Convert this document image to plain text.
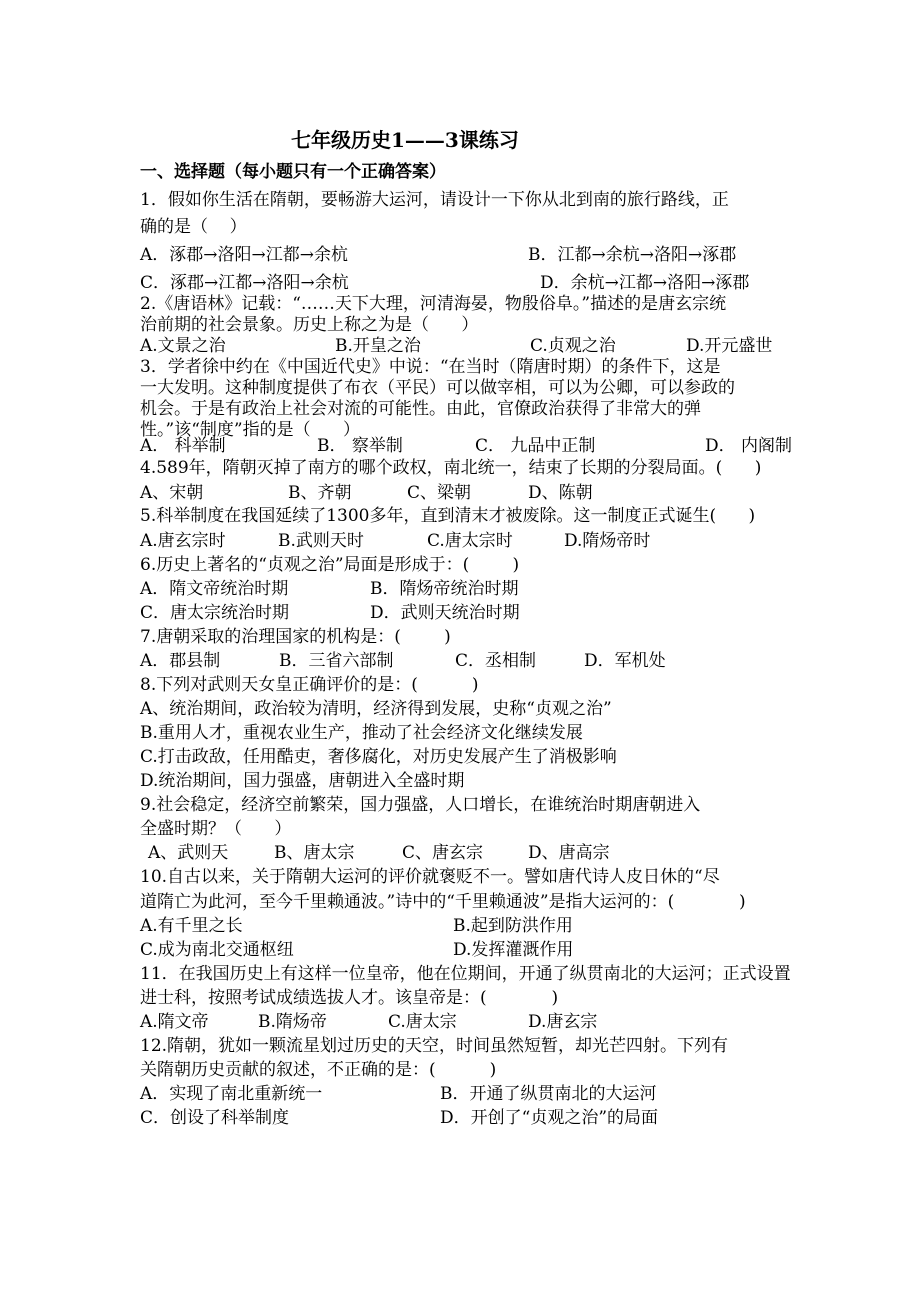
七年级历史1——3课练习
一、选择题（每小题只有一个正确答案）
1．假如你生活在隋朝，要畅游大运河，请设计一下你从北到南的旅行路线，正
确的是（    ）
A．涿郡→洛阳→江都→余杭	B．江都→余杭→洛阳→涿郡
C．涿郡→江都→洛阳→余杭	D．余杭→江都→洛阳→涿郡
2.《唐语林》记载：“……天下大理，河清海晏，物殷俗阜。”描述的是唐玄宗统
治前期的社会景象。历史上称之为是（      ）
A.文景之治	B.开皇之治	C.贞观之治	D.开元盛世
3．学者徐中约在《中国近代史》中说：“在当时（隋唐时期）的条件下，这是
一大发明。这种制度提供了布衣（平民）可以做宰相，可以为公卿，可以参政的
机会。于是有政治上社会对流的可能性。由此，官僚政治获得了非常大的弹
性。”该“制度”指的是（      ）
A． 科举制	B． 察举制	C． 九品中正制	D． 内阁制
4.589年，隋朝灭掉了南方的哪个政权，南北统一，结束了长期的分裂局面。(      )
A、宋朝	B、齐朝	C、梁朝	D、陈朝
5.科举制度在我国延续了1300多年，直到清末才被废除。这一制度正式诞生(      )
A.唐玄宗时	B.武则天时	C.唐太宗时	D.隋炀帝时
6.历史上著名的“贞观之治”局面是形成于：(        )
A．隋文帝统治时期	B．隋炀帝统治时期
C．唐太宗统治时期	D．武则天统治时期
7.唐朝采取的治理国家的机构是：(        )
A．郡县制	B．三省六部制	C．丞相制	D．军机处
8.下列对武则天女皇正确评价的是：(          )
A、统治期间，政治较为清明，经济得到发展，史称“贞观之治”
B.重用人才，重视农业生产，推动了社会经济文化继续发展
C.打击政敌，任用酷吏，奢侈腐化，对历史发展产生了消极影响
D.统治期间，国力强盛，唐朝进入全盛时期
9.社会稳定，经济空前繁荣，国力强盛，人口增长，在谁统治时期唐朝进入
全盛时期？（      ）
A、武则天	B、唐太宗	C、唐玄宗	D、唐高宗
10.自古以来，关于隋朝大运河的评价就褒贬不一。譬如唐代诗人皮日休的“尽
道隋亡为此河，至今千里赖通波。”诗中的“千里赖通波”是指大运河的：(            )
A.有千里之长	B.起到防洪作用
C.成为南北交通枢纽	D.发挥灌溉作用
11．在我国历史上有这样一位皇帝，他在位期间，开通了纵贯南北的大运河；正式设置
进士科，按照考试成绩选拔人才。该皇帝是：(            )
A.隋文帝	B.隋炀帝	C.唐太宗	D.唐玄宗
12.隋朝，犹如一颗流星划过历史的天空，时间虽然短暂，却光芒四射。下列有
关隋朝历史贡献的叙述，不正确的是：(          )
A．实现了南北重新统一	B．开通了纵贯南北的大运河
C．创设了科举制度	D．开创了“贞观之治”的局面
